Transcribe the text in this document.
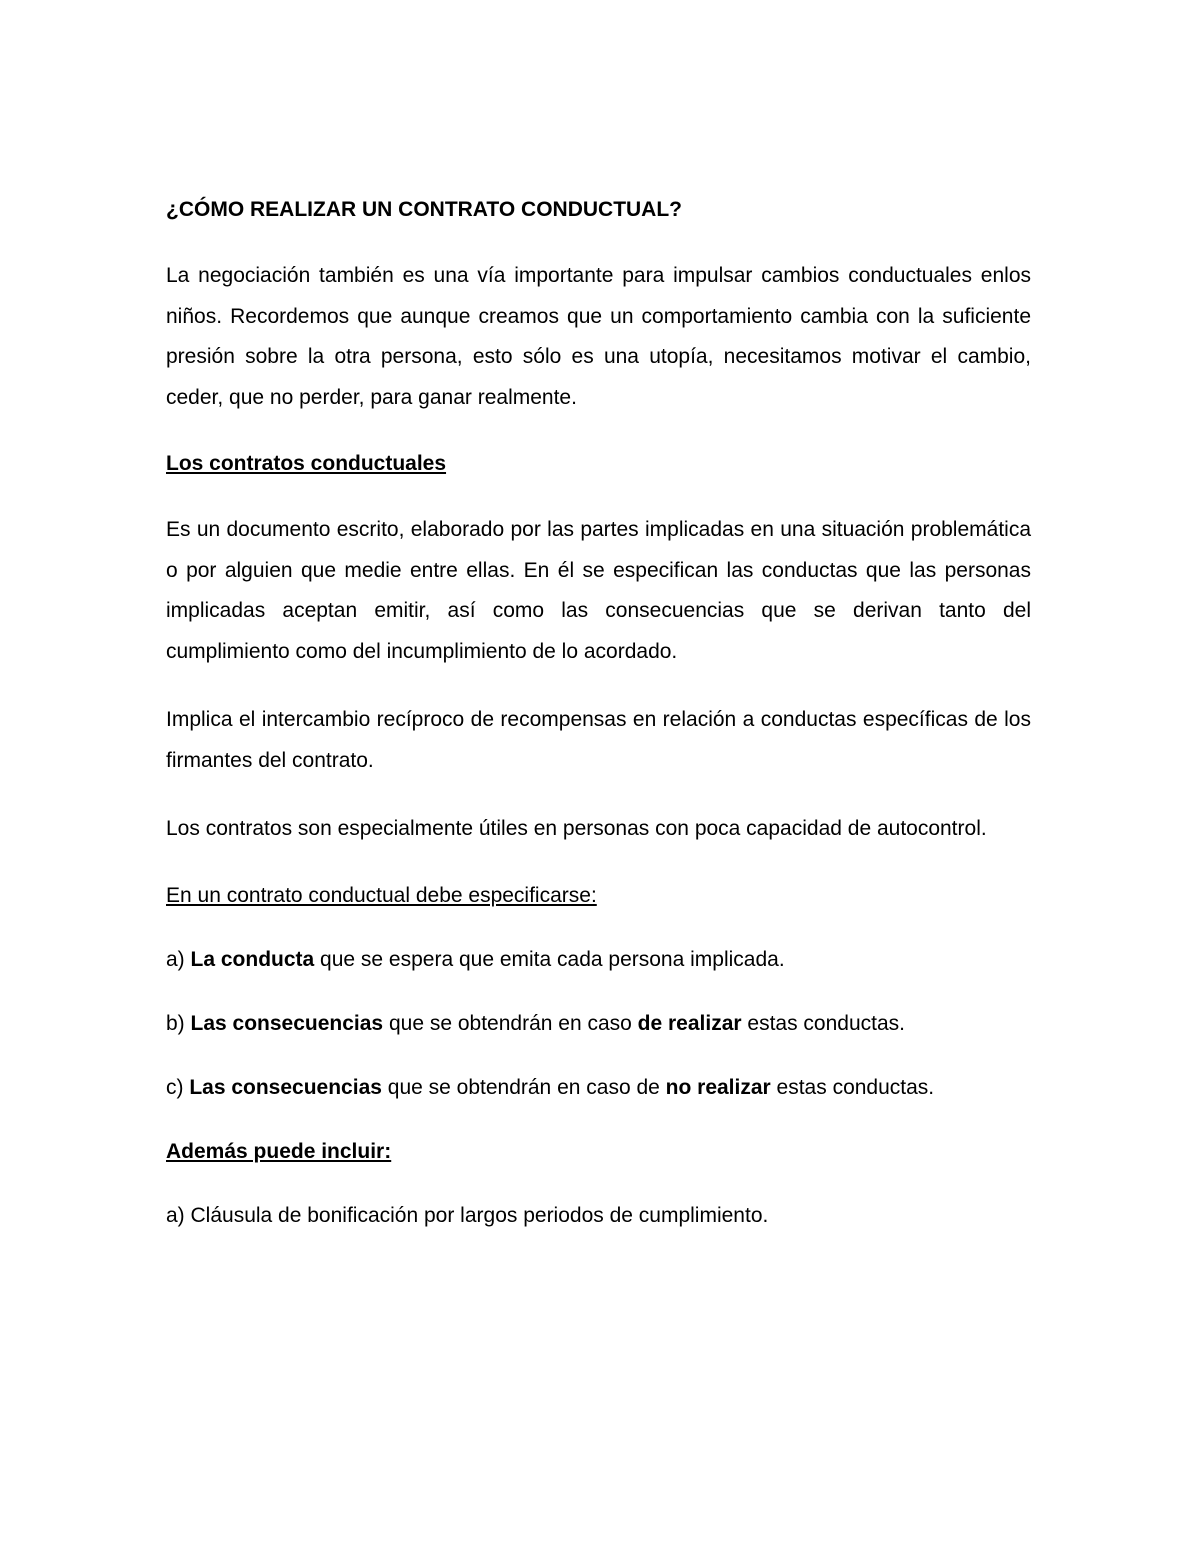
¿CÓMO REALIZAR UN CONTRATO CONDUCTUAL?

La negociación también es una vía importante para impulsar cambios conductuales enlos niños. Recordemos que aunque creamos que un comportamiento cambia con la suficiente presión sobre la otra persona, esto sólo es una utopía, necesitamos motivar el cambio, ceder, que no perder, para ganar realmente.

Los contratos conductuales

Es un documento escrito, elaborado por las partes implicadas en una situación problemática o por alguien que medie entre ellas. En él se especifican las conductas que las personas implicadas aceptan emitir, así como las consecuencias que se derivan tanto del cumplimiento como del incumplimiento de lo acordado.

Implica el intercambio recíproco de recompensas en relación a conductas específicas de los firmantes del contrato.

Los contratos son especialmente útiles en personas con poca capacidad de autocontrol.

En un contrato conductual debe especificarse:
a) La conducta que se espera que emita cada persona implicada.
b) Las consecuencias que se obtendrán en caso de realizar estas conductas.
c) Las consecuencias que se obtendrán en caso de no realizar estas conductas.
Además puede incluir:
a) Cláusula de bonificación por largos periodos de cumplimiento.
